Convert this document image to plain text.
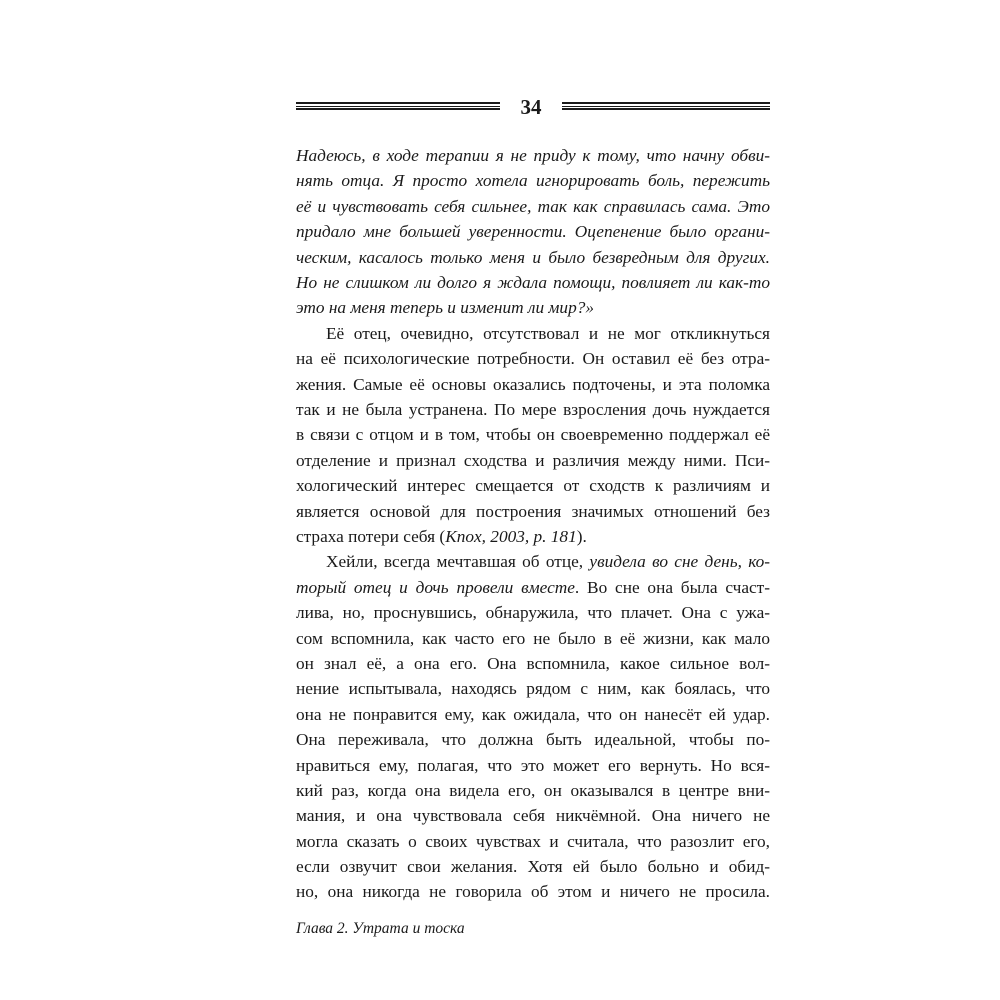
34
Надеюсь, в ходе терапии я не приду к тому, что начну обви-
нять отца. Я просто хотела игнорировать боль, пережить
её и чувствовать себя сильнее, так как справилась сама. Это
придало мне большей уверенности. Оцепенение было органи-
ческим, касалось только меня и было безвредным для других.
Но не слишком ли долго я ждала помощи, повлияет ли как-то
это на меня теперь и изменит ли мир?»
Её отец, очевидно, отсутствовал и не мог откликнуться
на её психологические потребности. Он оставил её без отра-
жения. Самые её основы оказались подточены, и эта поломка
так и не была устранена. По мере взросления дочь нуждается
в связи с отцом и в том, чтобы он своевременно поддержал её
отделение и признал сходства и различия между ними. Пси-
хологический интерес смещается от сходств к различиям и
является основой для построения значимых отношений без
страха потери себя (Knox, 2003, p. 181).
Хейли, всегда мечтавшая об отце, увидела во сне день, ко-
торый отец и дочь провели вместе. Во сне она была счаст-
лива, но, проснувшись, обнаружила, что плачет. Она с ужа-
сом вспомнила, как часто его не было в её жизни, как мало
он знал её, а она его. Она вспомнила, какое сильное вол-
нение испытывала, находясь рядом с ним, как боялась, что
она не понравится ему, как ожидала, что он нанесёт ей удар.
Она переживала, что должна быть идеальной, чтобы по-
нравиться ему, полагая, что это может его вернуть. Но вся-
кий раз, когда она видела его, он оказывался в центре вни-
мания, и она чувствовала себя никчёмной. Она ничего не
могла сказать о своих чувствах и считала, что разозлит его,
если озвучит свои желания. Хотя ей было больно и обид-
но, она никогда не говорила об этом и ничего не просила.
Глава 2. Утрата и тоска
